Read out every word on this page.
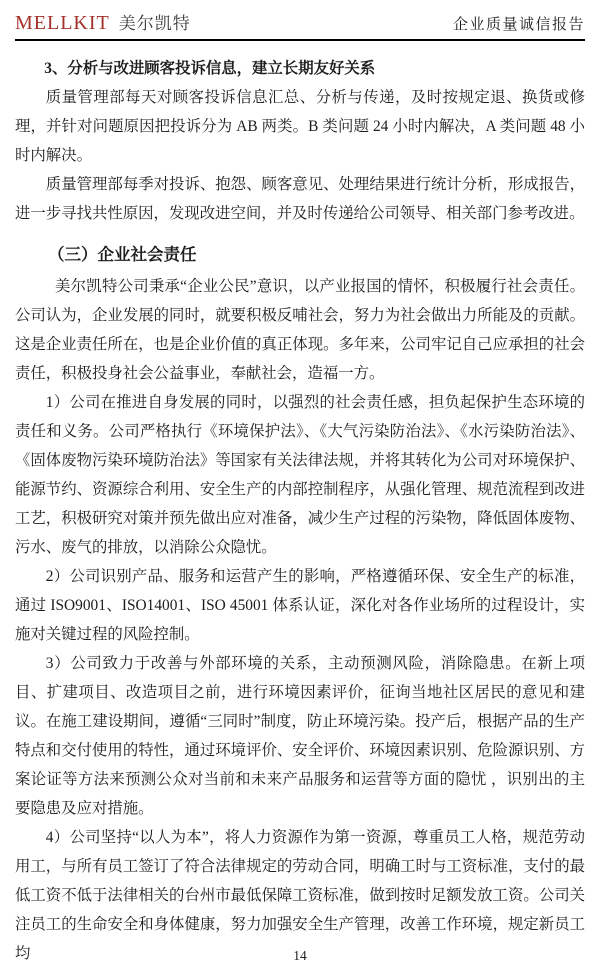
MELLKIT 美尔凯特	企业质量诚信报告
3、分析与改进顾客投诉信息，建立长期友好关系

质量管理部每天对顾客投诉信息汇总、分析与传递，及时按规定退、换货或修理，并针对问题原因把投诉分为 AB 两类。B 类问题 24 小时内解决，A 类问题 48 小时内解决。

质量管理部每季对投诉、抱怨、顾客意见、处理结果进行统计分析，形成报告，进一步寻找共性原因，发现改进空间，并及时传递给公司领导、相关部门参考改进。

（三）企业社会责任

美尔凯特公司秉承“企业公民”意识，以产业报国的情怀，积极履行社会责任。公司认为，企业发展的同时，就要积极反哺社会，努力为社会做出力所能及的贡献。这是企业责任所在，也是企业价值的真正体现。多年来，公司牢记自己应承担的社会责任，积极投身社会公益事业，奉献社会，造福一方。

1）公司在推进自身发展的同时，以强烈的社会责任感，担负起保护生态环境的责任和义务。公司严格执行《环境保护法》、《大气污染防治法》、《水污染防治法》、《固体废物污染环境防治法》等国家有关法律法规，并将其转化为公司对环境保护、能源节约、资源综合利用、安全生产的内部控制程序，从强化管理、规范流程到改进工艺，积极研究对策并预先做出应对准备，减少生产过程的污染物，降低固体废物、污水、废气的排放，以消除公众隐忧。

2）公司识别产品、服务和运营产生的影响，严格遵循环保、安全生产的标准，通过 ISO9001、ISO14001、ISO 45001 体系认证，深化对各作业场所的过程设计，实施对关键过程的风险控制。

3）公司致力于改善与外部环境的关系，主动预测风险，消除隐患。在新上项目、扩建项目、改造项目之前，进行环境因素评价，征询当地社区居民的意见和建议。在施工建设期间，遵循“三同时”制度，防止环境污染。投产后，根据产品的生产特点和交付使用的特性，通过环境评价、安全评价、环境因素识别、危险源识别、方案论证等方法来预测公众对当前和未来产品服务和运营等方面的隐忧 ，识别出的主要隐患及应对措施。

4）公司坚持“以人为本”，将人力资源作为第一资源，尊重员工人格，规范劳动用工，与所有员工签订了符合法律规定的劳动合同，明确工时与工资标准，支付的最低工资不低于法律相关的台州市最低保障工资标准，做到按时足额发放工资。公司关注员工的生命安全和身体健康，努力加强安全生产管理，改善工作环境，规定新员工均	14
